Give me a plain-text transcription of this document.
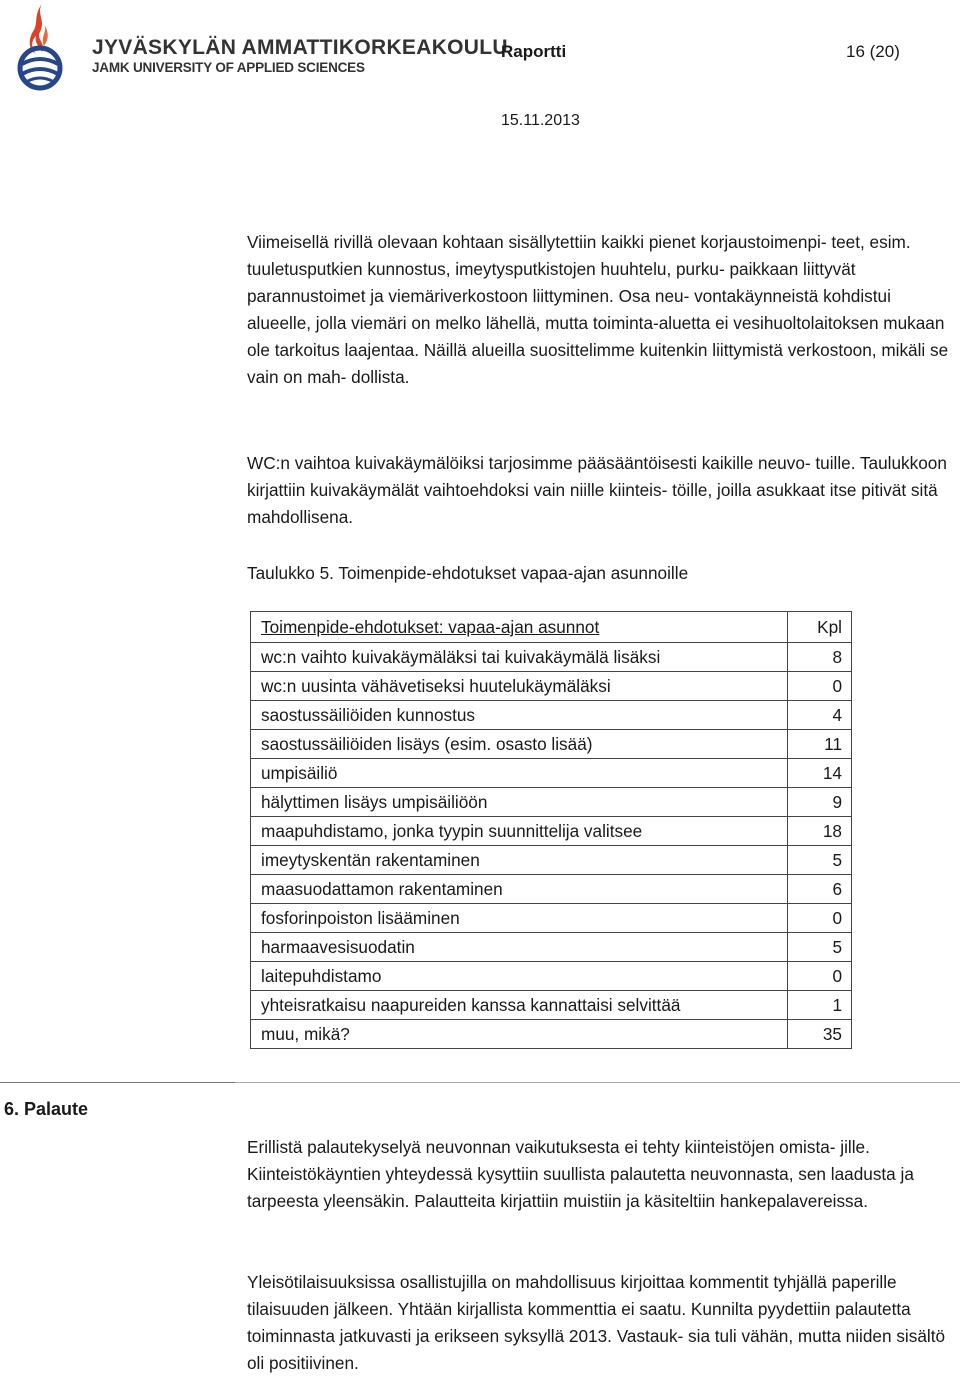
JYVÄSKYLÄN AMMATTIKORKEAKOULU
JAMK UNIVERSITY OF APPLIED SCIENCES
Raportti	16 (20)
15.11.2013

Viimeisellä rivillä olevaan kohtaan sisällytettiin kaikki pienet korjaustoimenpi- teet, esim. tuuletusputkien kunnostus, imeytysputkistojen huuhtelu, purku- paikkaan liittyvät parannustoimet ja viemäriverkostoon liittyminen. Osa neu- vontakäynneistä kohdistui alueelle, jolla viemäri on melko lähellä, mutta toiminta-aluetta ei vesihuoltolaitoksen mukaan ole tarkoitus laajentaa. Näillä alueilla suosittelimme kuitenkin liittymistä verkostoon, mikäli se vain on mah- dollista.

WC:n vaihtoa kuivakäymälöiksi tarjosimme pääsääntöisesti kaikille neuvo- tuille. Taulukkoon kirjattiin kuivakäymälät vaihtoehdoksi vain niille kiinteis- töille, joilla asukkaat itse pitivät sitä mahdollisena.

Taulukko 5. Toimenpide-ehdotukset vapaa-ajan asunnoille
Toimenpide-ehdotukset: vapaa-ajan asunnot	Kpl
wc:n vaihto kuivakäymäläksi tai kuivakäymälä lisäksi	8
wc:n uusinta vähävetiseksi huutelukäymäläksi	0
saostussäiliöiden kunnostus	4
saostussäiliöiden lisäys (esim. osasto lisää)	11
umpisäiliö	14
hälyttimen lisäys umpisäiliöön	9
maapuhdistamo, jonka tyypin suunnittelija valitsee	18
imeytyskentän rakentaminen	5
maasuodattamon rakentaminen	6
fosforinpoiston lisääminen	0
harmaavesisuodatin	5
laitepuhdistamo	0
yhteisratkaisu naapureiden kanssa kannattaisi selvittää	1
muu, mikä?	35
6. Palaute

Erillistä palautekyselyä neuvonnan vaikutuksesta ei tehty kiinteistöjen omista- jille. Kiinteistökäyntien yhteydessä kysyttiin suullista palautetta neuvonnasta, sen laadusta ja tarpeesta yleensäkin. Palautteita kirjattiin muistiin ja käsiteltiin hankepalavereissa.

Yleisötilaisuuksissa osallistujilla on mahdollisuus kirjoittaa kommentit tyhjällä paperille tilaisuuden jälkeen. Yhtään kirjallista kommenttia ei saatu. Kunnilta pyydettiin palautetta toiminnasta jatkuvasti ja erikseen syksyllä 2013. Vastauk- sia tuli vähän, mutta niiden sisältö oli positiivinen.
